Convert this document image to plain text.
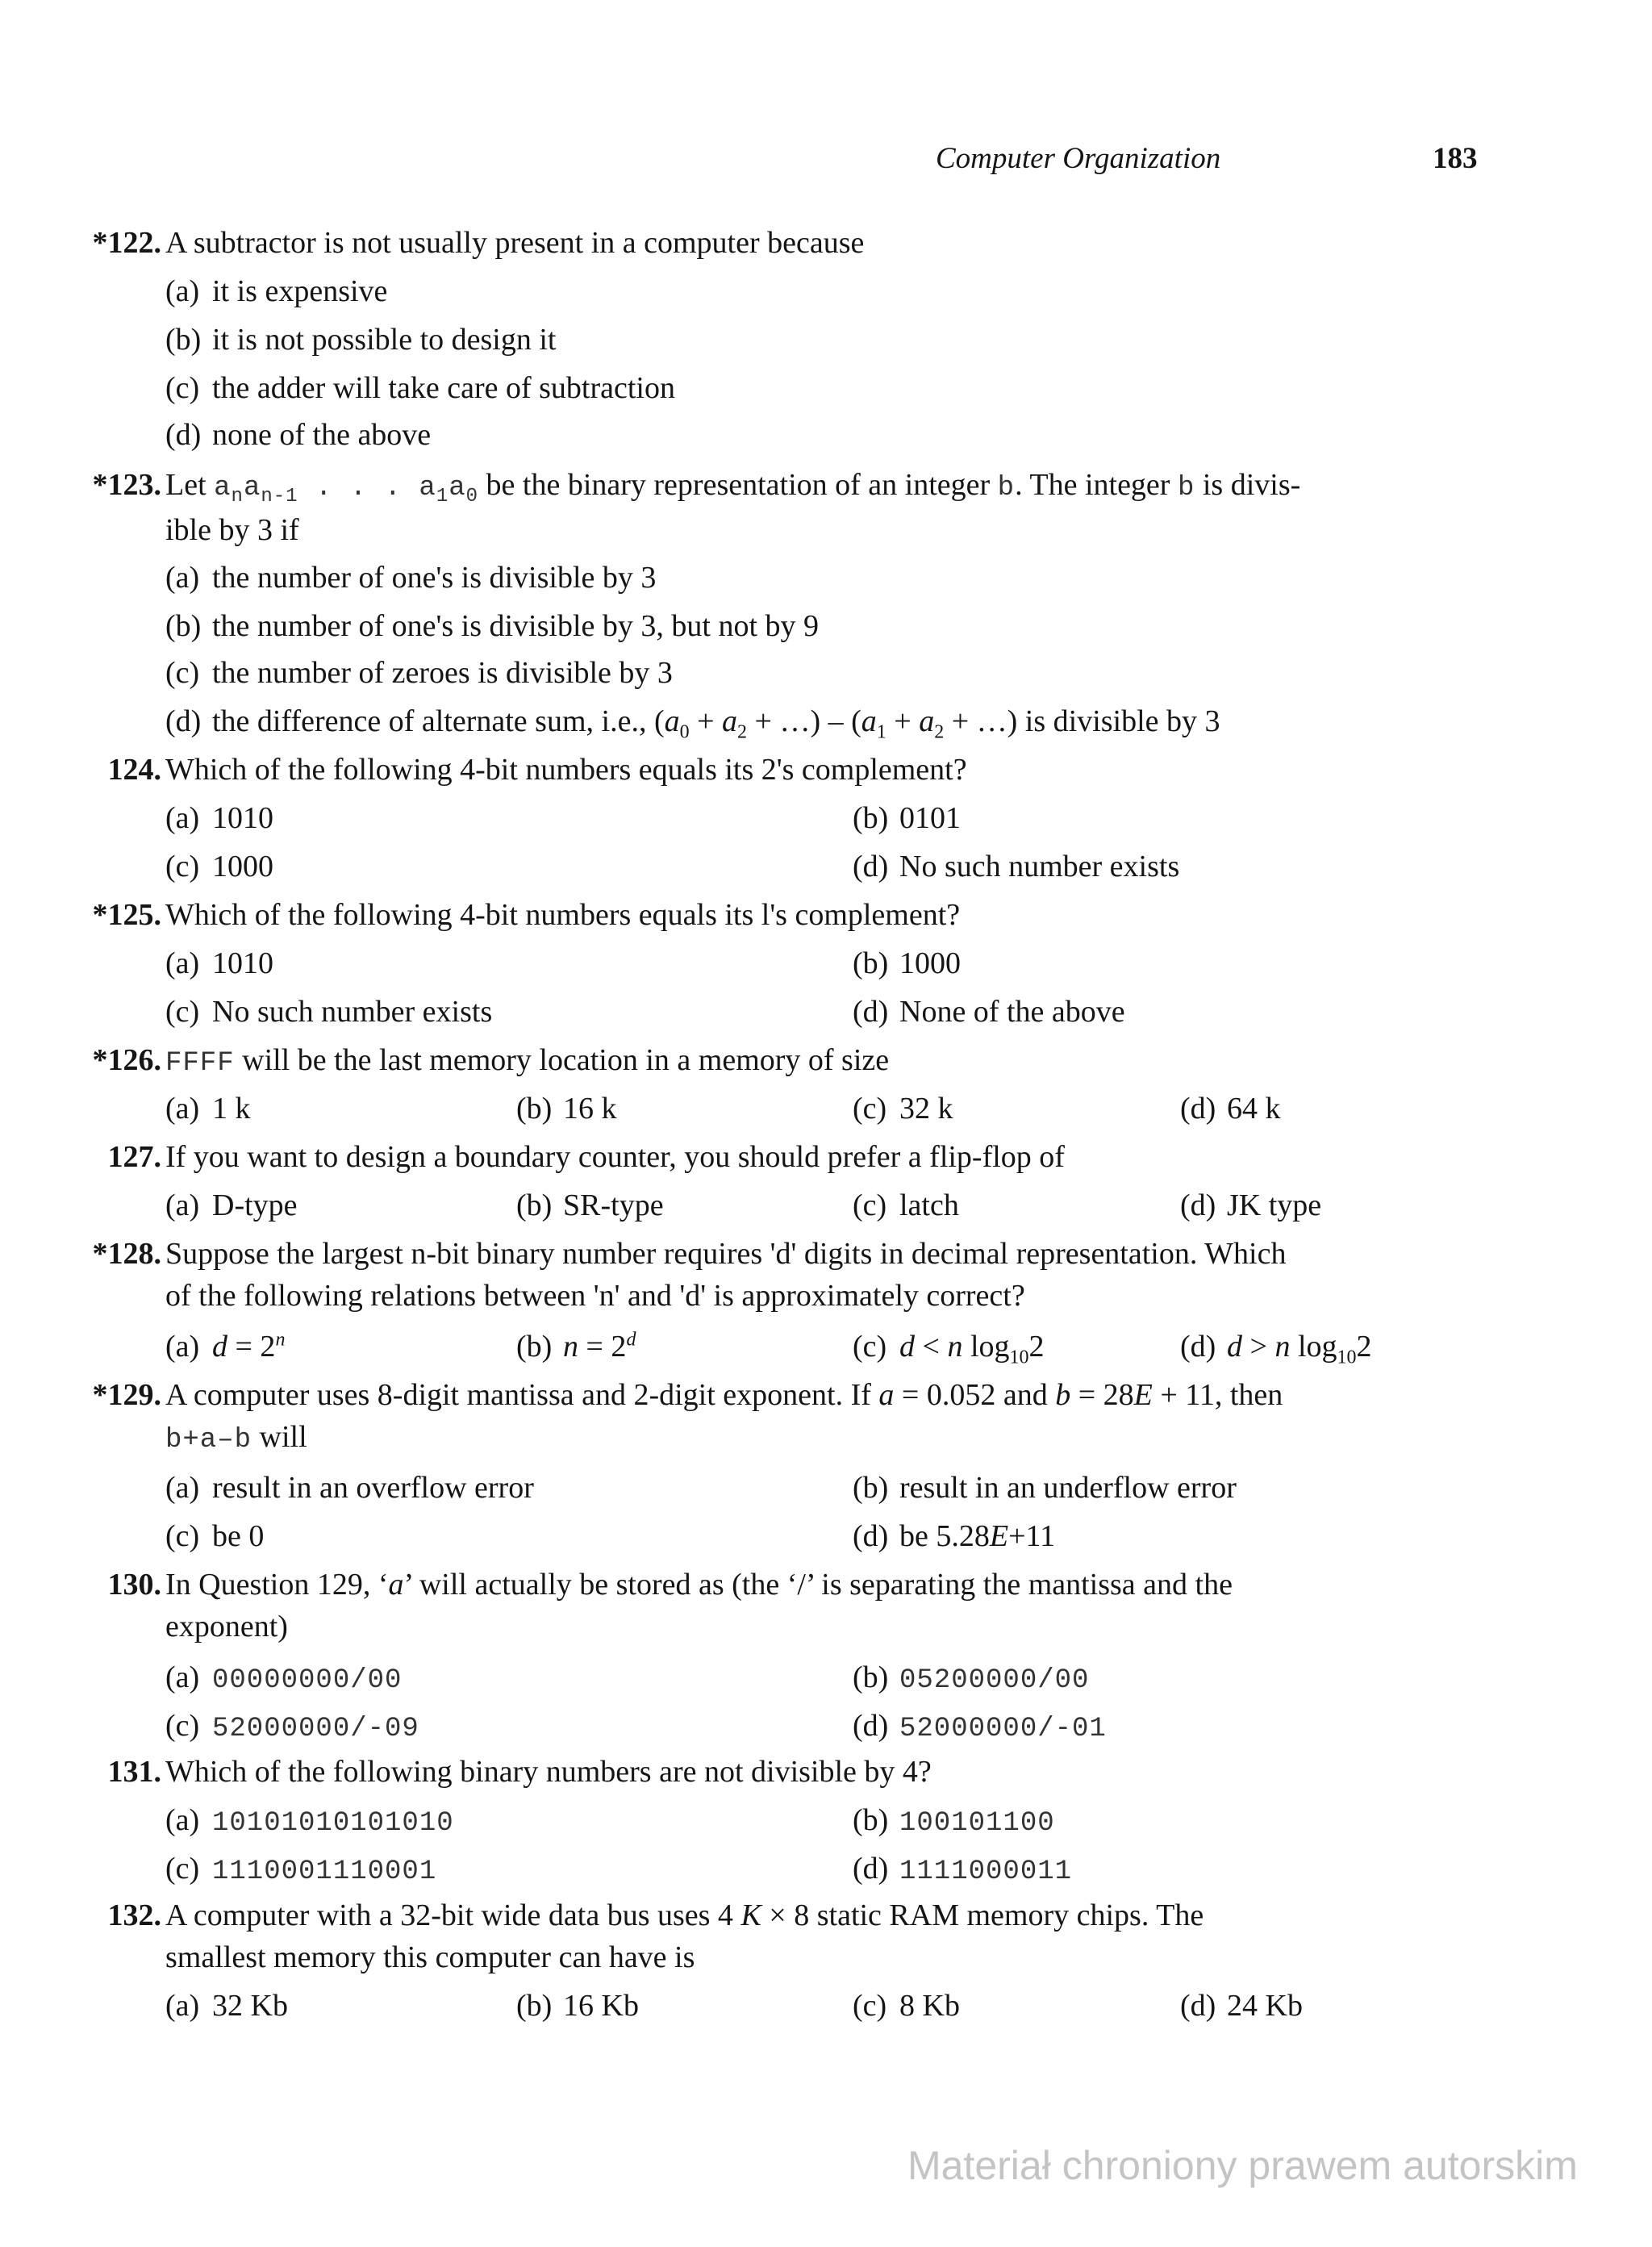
Computer Organization	183
*122. A subtractor is not usually present in a computer because
(a) it is expensive
(b) it is not possible to design it
(c) the adder will take care of subtraction
(d) none of the above
*123. Let $a_na_{n-1}$ . . . $a_1a_0$ be the binary representation of an integer b. The integer b is divis-
ible by 3 if
(a) the number of one's is divisible by 3
(b) the number of one's is divisible by 3, but not by 9
(c) the number of zeroes is divisible by 3
(d) the difference of alternate sum, i.e., ($a_0 + a_2$ + …) – ($a_1 + a_2$ + …) is divisible by 3
124. Which of the following 4-bit numbers equals its 2's complement?
(a) 1010	(b) 0101
(c) 1000	(d) No such number exists
*125. Which of the following 4-bit numbers equals its l's complement?
(a) 1010	(b) 1000
(c) No such number exists	(d) None of the above
*126. FFFF will be the last memory location in a memory of size
(a) 1 k	(b) 16 k	(c) 32 k	(d) 64 k
127. If you want to design a boundary counter, you should prefer a flip-flop of
(a) D-type	(b) SR-type	(c) latch	(d) JK type
*128. Suppose the largest n-bit binary number requires 'd' digits in decimal representation. Which
of the following relations between 'n' and 'd' is approximately correct?
(a) $d = 2^n$	(b) $n = 2^d$	(c) d < n $\log_{10}2$	(d) d > n $\log_{10}2$
*129. A computer uses 8-digit mantissa and 2-digit exponent. If a = 0.052 and b = 28E + 11, then
b+a–b will
(a) result in an overflow error	(b) result in an underflow error
(c) be 0	(d) be 5.28E+11
130. In Question 129, ‘a’ will actually be stored as (the ‘/’ is separating the mantissa and the
exponent)
(a) 00000000/00	(b) 05200000/00
(c) 52000000/-09	(d) 52000000/-01
131. Which of the following binary numbers are not divisible by 4?
(a) 10101010101010	(b) 100101100
(c) 1110001110001	(d) 1111000011
132. A computer with a 32-bit wide data bus uses 4 K × 8 static RAM memory chips. The
smallest memory this computer can have is
(a) 32 Kb	(b) 16 Kb	(c) 8 Kb	(d) 24 Kb
Materiał chroniony prawem autorskim
